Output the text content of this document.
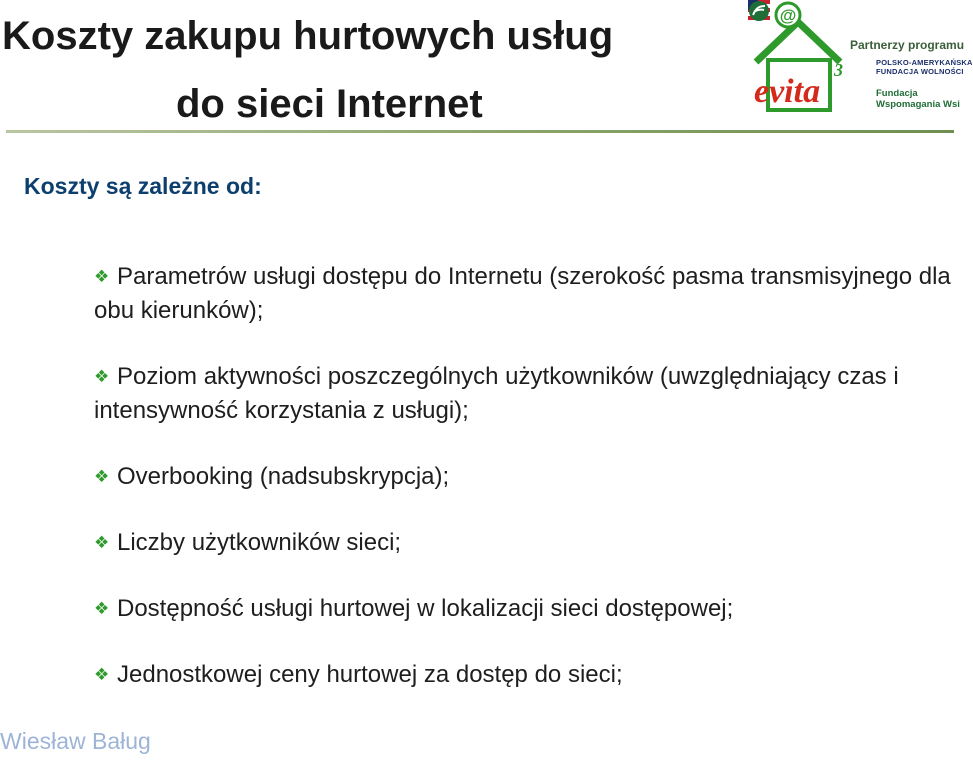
Koszty zakupu hurtowych usług
do sieci Internet
@
evita
3
Partnerzy programu
POLSKO-AMERYKAŃSKA
FUNDACJA WOLNOŚCI
Fundacja
Wspomagania Wsi
Koszty są zależne od:
❖ Parametrów usługi dostępu do Internetu (szerokość pasma transmisyjnego dla obu kierunków);
❖ Poziom aktywności poszczególnych użytkowników (uwzględniający czas i intensywność korzystania z usługi);
❖ Overbooking (nadsubskrypcja);
❖ Liczby użytkowników sieci;
❖ Dostępność usługi hurtowej w lokalizacji sieci dostępowej;
❖ Jednostkowej ceny hurtowej za dostęp do sieci;
Wiesław Baług
